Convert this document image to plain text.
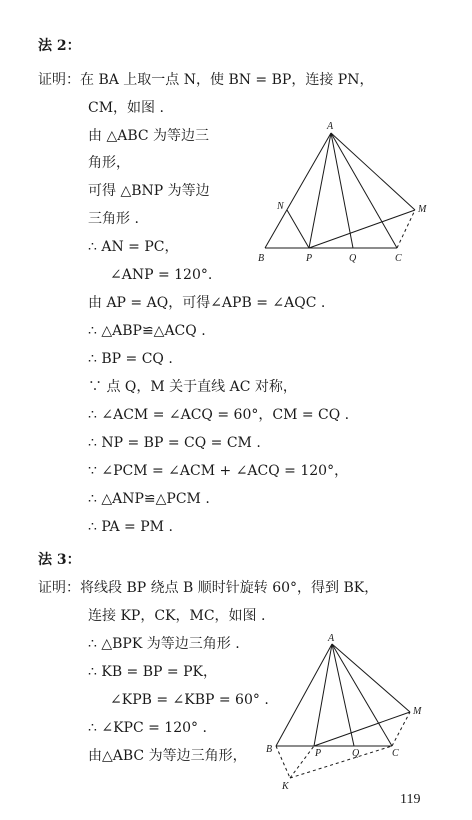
法 2：
证明：在 BA 上取一点 N，使 BN = BP，连接 PN，
CM，如图 .
由 △ABC 为等边三
角形，
可得 △BNP 为等边
三角形 .
∴ AN = PC，
∠ANP = 120°.
由 AP = AQ，可得∠APB = ∠AQC .
∴ △ABP≌△ACQ .
∴ BP = CQ .
∵ 点 Q，M 关于直线 AC 对称，
∴ ∠ACM = ∠ACQ = 60°，CM = CQ .
∴ NP = BP = CQ = CM .
∵ ∠PCM = ∠ACM + ∠ACQ = 120°，
∴ △ANP≌△PCM .
∴ PA = PM .
A
N	M
B	P	Q	C
法 3：
证明：将线段 BP 绕点 B 顺时针旋转 60°，得到 BK，
连接 KP，CK，MC，如图 .
∴ △BPK 为等边三角形 .
∴ KB = BP = PK，
∠KPB = ∠KBP = 60° .
∴ ∠KPC = 120° .
由△ABC 为等边三角形，
A
M
B	P	Q	C
K
119
